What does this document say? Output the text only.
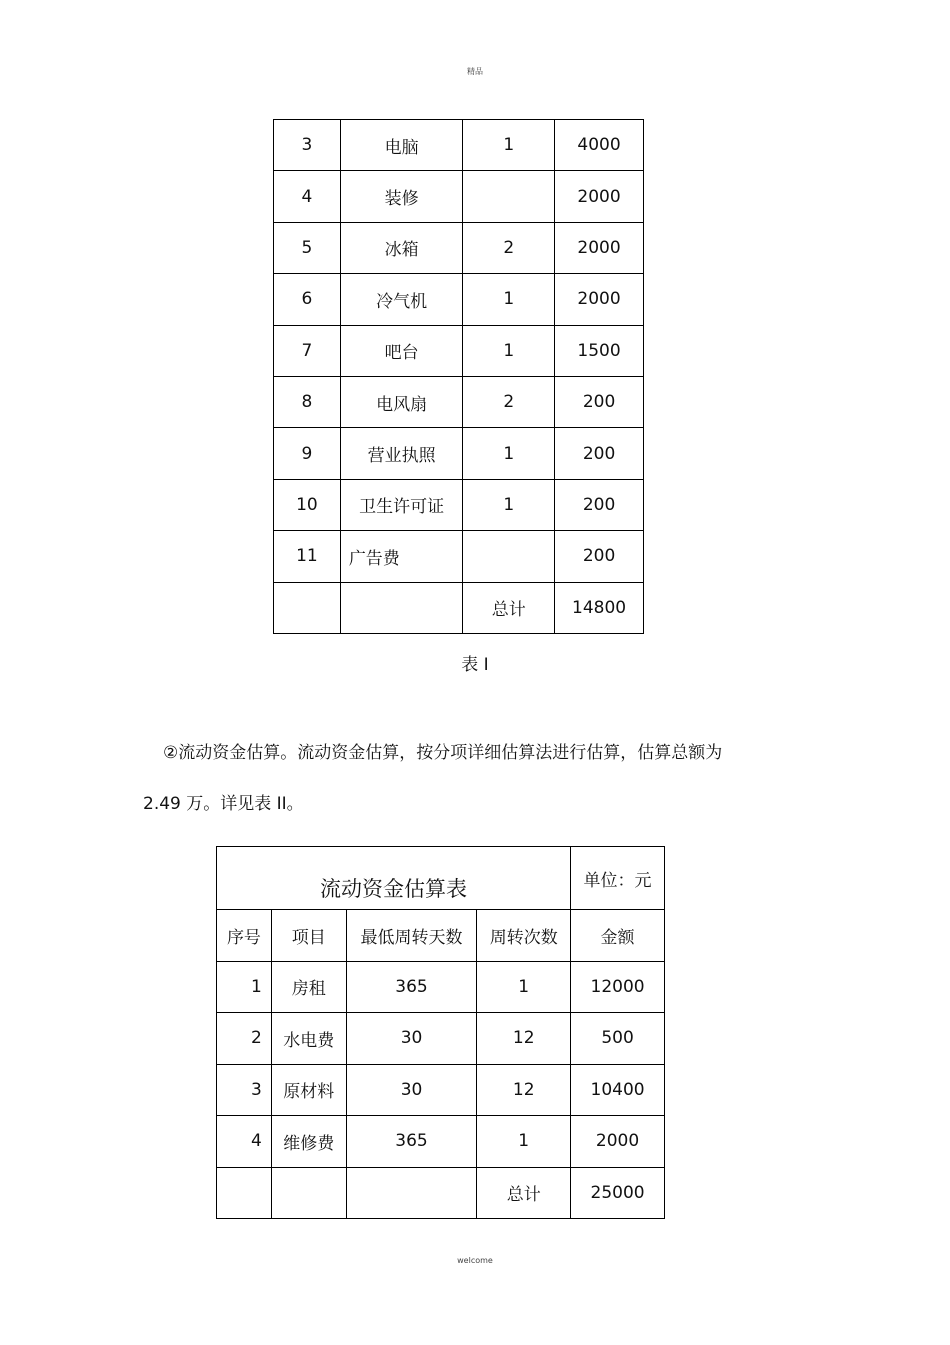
精品
3	电脑	1	4000
4	装修		2000
5	冰箱	2	2000
6	冷气机	1	2000
7	吧台	1	1500
8	电风扇	2	200
9	营业执照	1	200
10	卫生许可证	1	200
11	广告费		200
		总计	14800
表 I
②流动资金估算。流动资金估算，按分项详细估算法进行估算，估算总额为
2.49 万。详见表 II。
流动资金估算表				单位：元
序号	项目	最低周转天数	周转次数	金额
1	房租	365	1	12000
2	水电费	30	12	500
3	原材料	30	12	10400
4	维修费	365	1	2000
			总计	25000
welcome
